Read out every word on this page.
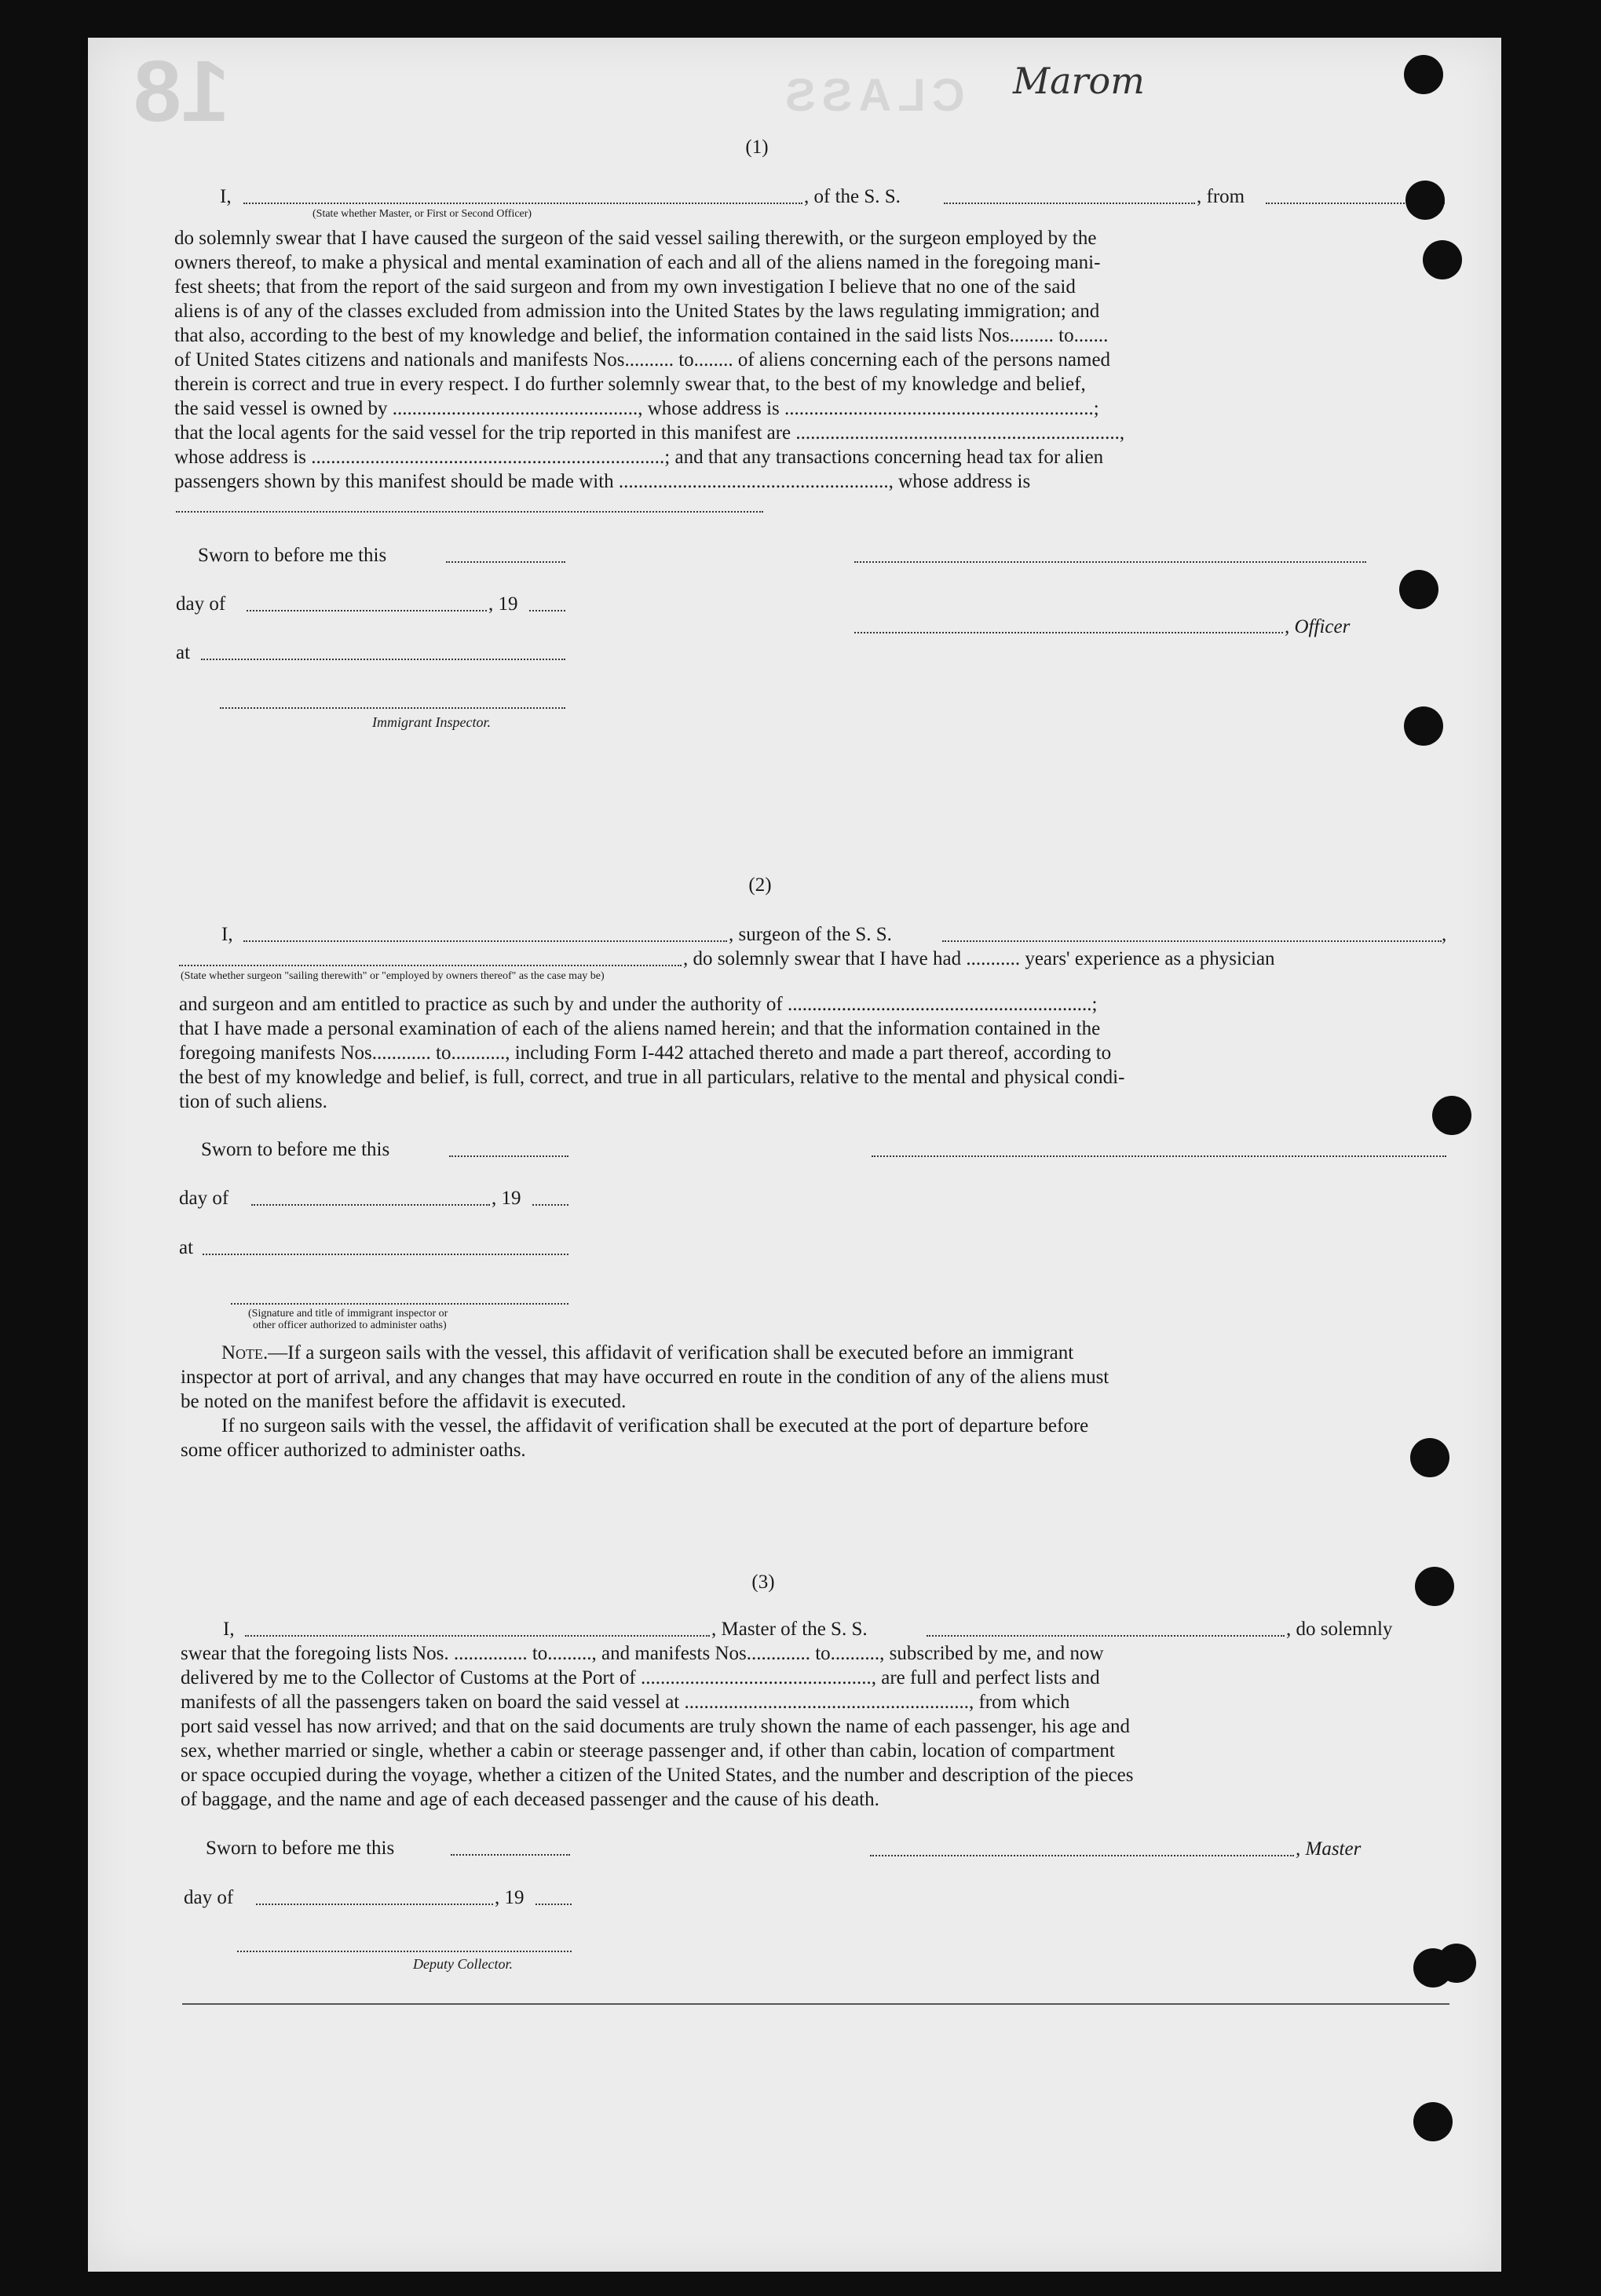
18	CLASS Marom
(1)
I,	, of the S. S.	, from
(State whether Master, or First or Second Officer)
do solemnly swear that I have caused the surgeon of the said vessel sailing therewith, or the surgeon employed by the
owners thereof, to make a physical and mental examination of each and all of the aliens named in the foregoing mani-
fest sheets; that from the report of the said surgeon and from my own investigation I believe that no one of the said
aliens is of any of the classes excluded from admission into the United States by the laws regulating immigration; and
that also, according to the best of my knowledge and belief, the information contained in the said lists Nos......... to.......
of United States citizens and nationals and manifests Nos.......... to........ of aliens concerning each of the persons named
therein is correct and true in every respect. I do further solemnly swear that, to the best of my knowledge and belief,
the said vessel is owned by .................................................., whose address is ...............................................................;
that the local agents for the said vessel for the trip reported in this manifest are ..................................................................,
whose address is ........................................................................; and that any transactions concerning head tax for alien
passengers shown by this manifest should be made with ......................................................., whose address is
Sworn to before me this
day of	, 19
, Officer
at
Immigrant Inspector.
(2)
I,	, surgeon of the S. S.	,
, do solemnly swear that I have had ........... years' experience as a physician
(State whether surgeon "sailing therewith" or "employed by owners thereof" as the case may be)
and surgeon and am entitled to practice as such by and under the authority of ..............................................................;
that I have made a personal examination of each of the aliens named herein; and that the information contained in the
foregoing manifests Nos............ to..........., including Form I-442 attached thereto and made a part thereof, according to
the best of my knowledge and belief, is full, correct, and true in all particulars, relative to the mental and physical condi-
tion of such aliens.
Sworn to before me this
day of	, 19
at
(Signature and title of immigrant inspector or
other officer authorized to administer oaths)
Note.—If a surgeon sails with the vessel, this affidavit of verification shall be executed before an immigrant
inspector at port of arrival, and any changes that may have occurred en route in the condition of any of the aliens must
be noted on the manifest before the affidavit is executed.
If no surgeon sails with the vessel, the affidavit of verification shall be executed at the port of departure before
some officer authorized to administer oaths.
(3)
I,	, Master of the S. S.	, do solemnly
swear that the foregoing lists Nos. ............... to........., and manifests Nos............. to.........., subscribed by me, and now
delivered by me to the Collector of Customs at the Port of ..............................................., are full and perfect lists and
manifests of all the passengers taken on board the said vessel at .........................................................., from which
port said vessel has now arrived; and that on the said documents are truly shown the name of each passenger, his age and
sex, whether married or single, whether a cabin or steerage passenger and, if other than cabin, location of compartment
or space occupied during the voyage, whether a citizen of the United States, and the number and description of the pieces
of baggage, and the name and age of each deceased passenger and the cause of his death.
Sworn to before me this	, Master
day of	, 19
Deputy Collector.
